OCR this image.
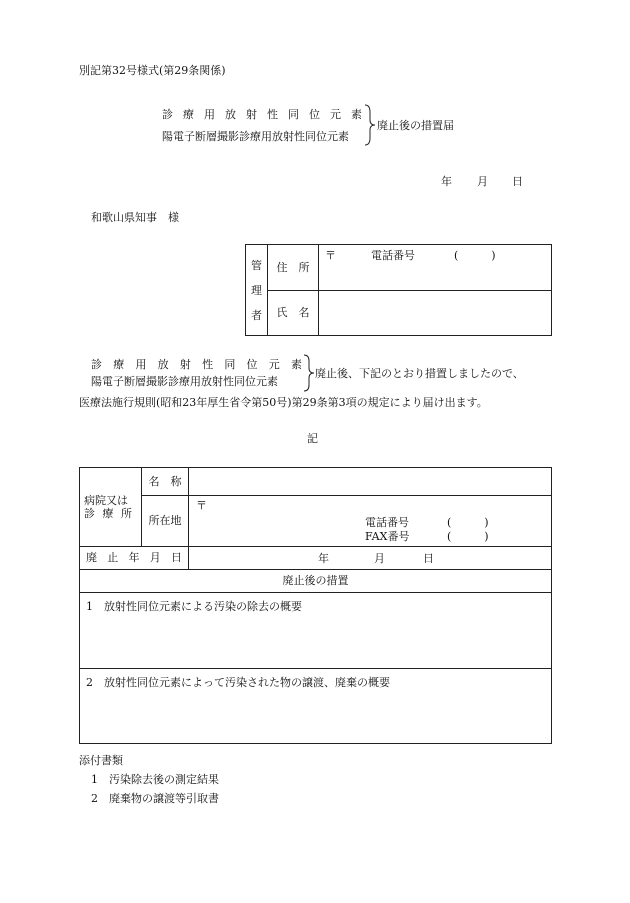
別記第32号様式(第29条関係)
診 療 用 放 射 性 同 位 元 素
陽電子断層撮影診療用放射性同位元素
廃止後の措置届
年 月 日
和歌山県知事　様
管
理
者	住　所	〒 電話番号 (　　　)

	氏　名	
診 療 用 放 射 性 同 位 元 素
陽電子断層撮影診療用放射性同位元素
廃止後、下記のとおり措置しましたので、
医療法施行規則(昭和23年厚生省令第50号)第29条第3項の規定により届け出ます。
記
病院又は
診 療 所	名　称	
	所在地	〒
電話番号 (　　　)
FAX番号 (　　　)

廃 止 年 月 日		年 月 日

廃止後の措置		
1　放射性同位元素による汚染の除去の概要		
2　放射性同位元素によって汚染された物の譲渡、廃棄の概要		
添付書類
1　汚染除去後の測定結果
2　廃棄物の譲渡等引取書
